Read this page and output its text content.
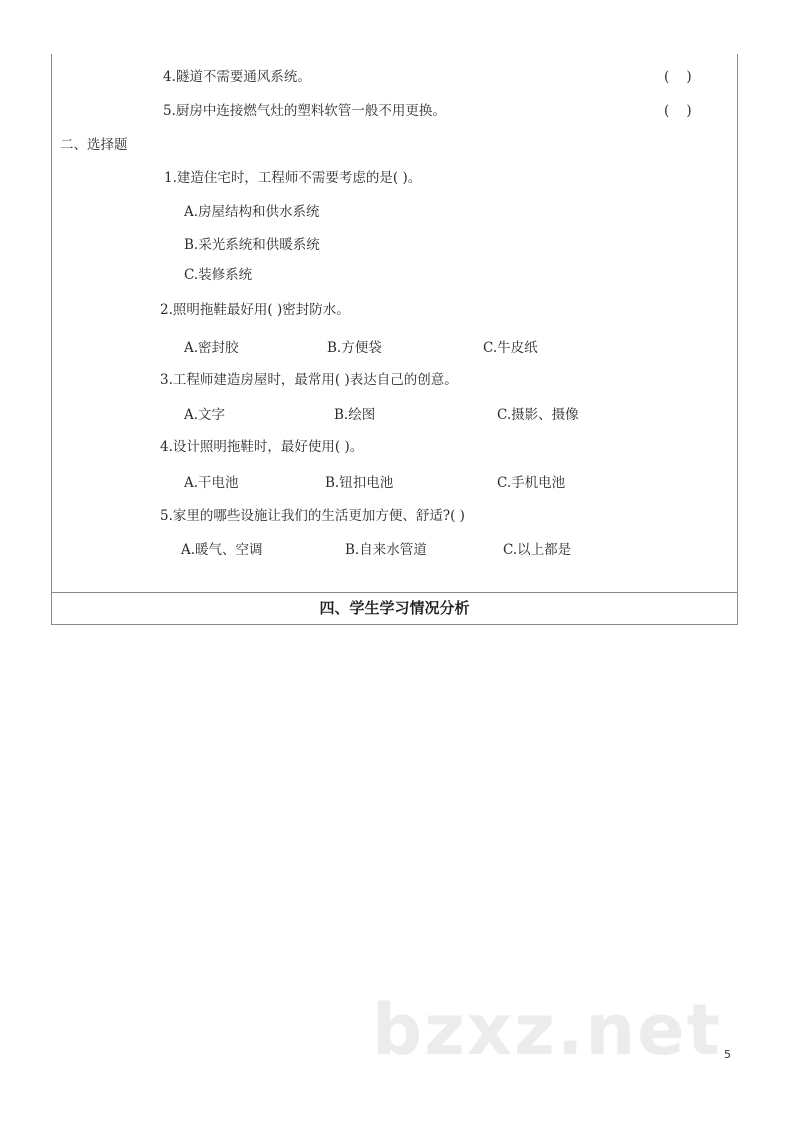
4.隧道不需要通风系统。	(    )
5.厨房中连接燃气灶的塑料软管一般不用更换。	(    )
二、选择题
1.建造住宅时，工程师不需要考虑的是( )。
A.房屋结构和供水系统
B.采光系统和供暖系统
C.装修系统
2.照明拖鞋最好用( )密封防水。
A.密封胶	B.方便袋	C.牛皮纸
3.工程师建造房屋时，最常用( )表达自己的创意。
A.文字	B.绘图	C.摄影、摄像
4.设计照明拖鞋时，最好使用( )。
A.干电池	B.钮扣电池	C.手机电池
5.家里的哪些设施让我们的生活更加方便、舒适?( )
A.暖气、空调	B.自来水管道	C.以上都是
四、学生学习情况分析
bzxz.net 5
